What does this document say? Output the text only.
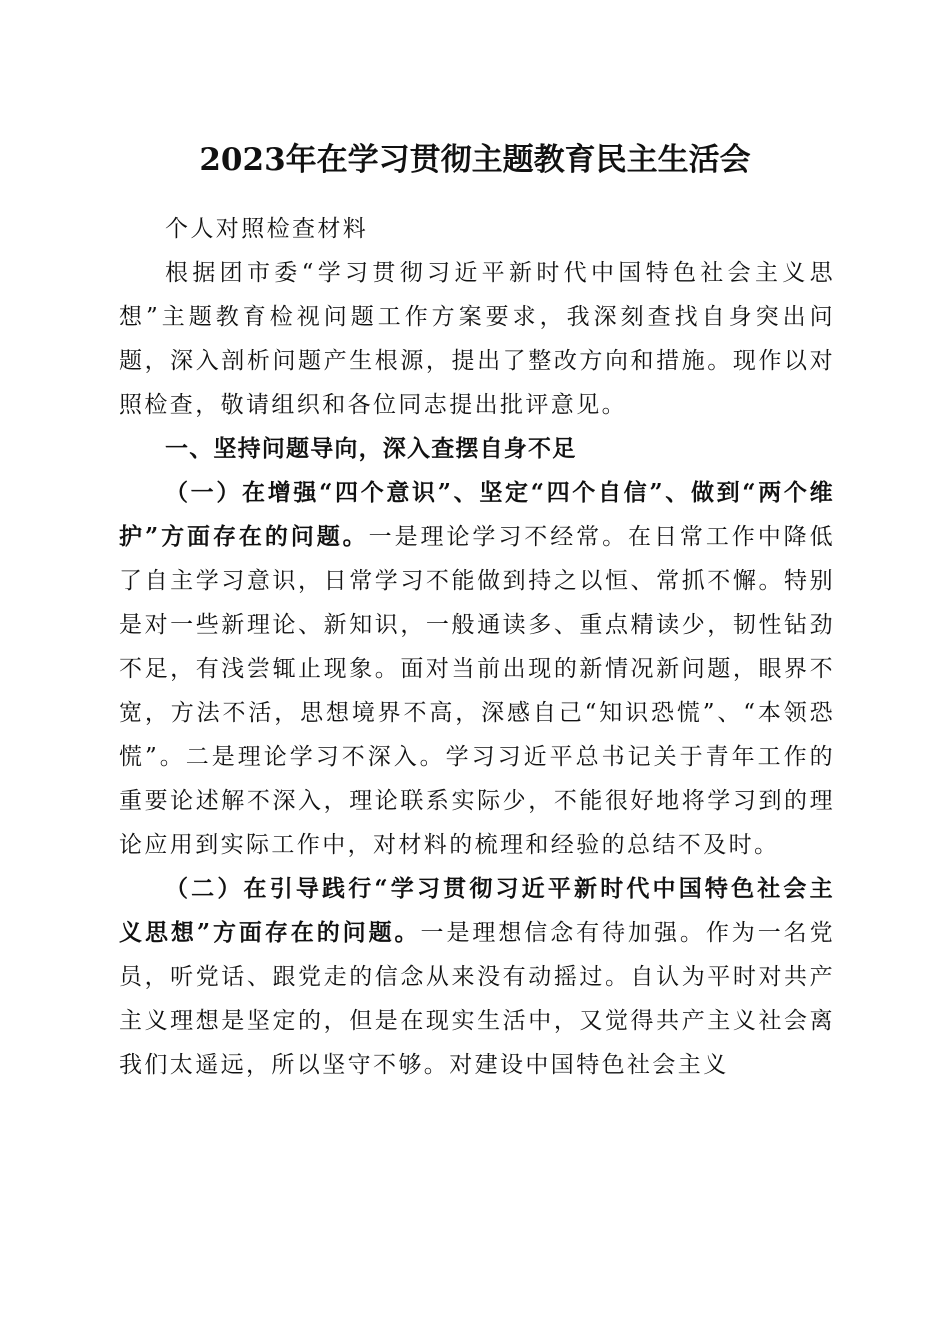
2023年在学习贯彻主题教育民主生活会

个人对照检查材料

根据团市委“学习贯彻习近平新时代中国特色社会主义思想”主题教育检视问题工作方案要求，我深刻查找自身突出问题，深入剖析问题产生根源，提出了整改方向和措施。现作以对照检查，敬请组织和各位同志提出批评意见。

一、坚持问题导向，深入查摆自身不足

（一）在增强“四个意识”、坚定“四个自信”、做到“两个维护”方面存在的问题。一是理论学习不经常。在日常工作中降低了自主学习意识，日常学习不能做到持之以恒、常抓不懈。特别是对一些新理论、新知识，一般通读多、重点精读少，韧性钻劲不足，有浅尝辄止现象。面对当前出现的新情况新问题，眼界不宽，方法不活，思想境界不高，深感自己“知识恐慌”、“本领恐慌”。二是理论学习不深入。学习习近平总书记关于青年工作的重要论述解不深入，理论联系实际少，不能很好地将学习到的理论应用到实际工作中，对材料的梳理和经验的总结不及时。

（二）在引导践行“学习贯彻习近平新时代中国特色社会主义思想”方面存在的问题。一是理想信念有待加强。作为一名党员，听党话、跟党走的信念从来没有动摇过。自认为平时对共产主义理想是坚定的，但是在现实生活中，又觉得共产主义社会离我们太遥远，所以坚守不够。对建设中国特色社会主义
